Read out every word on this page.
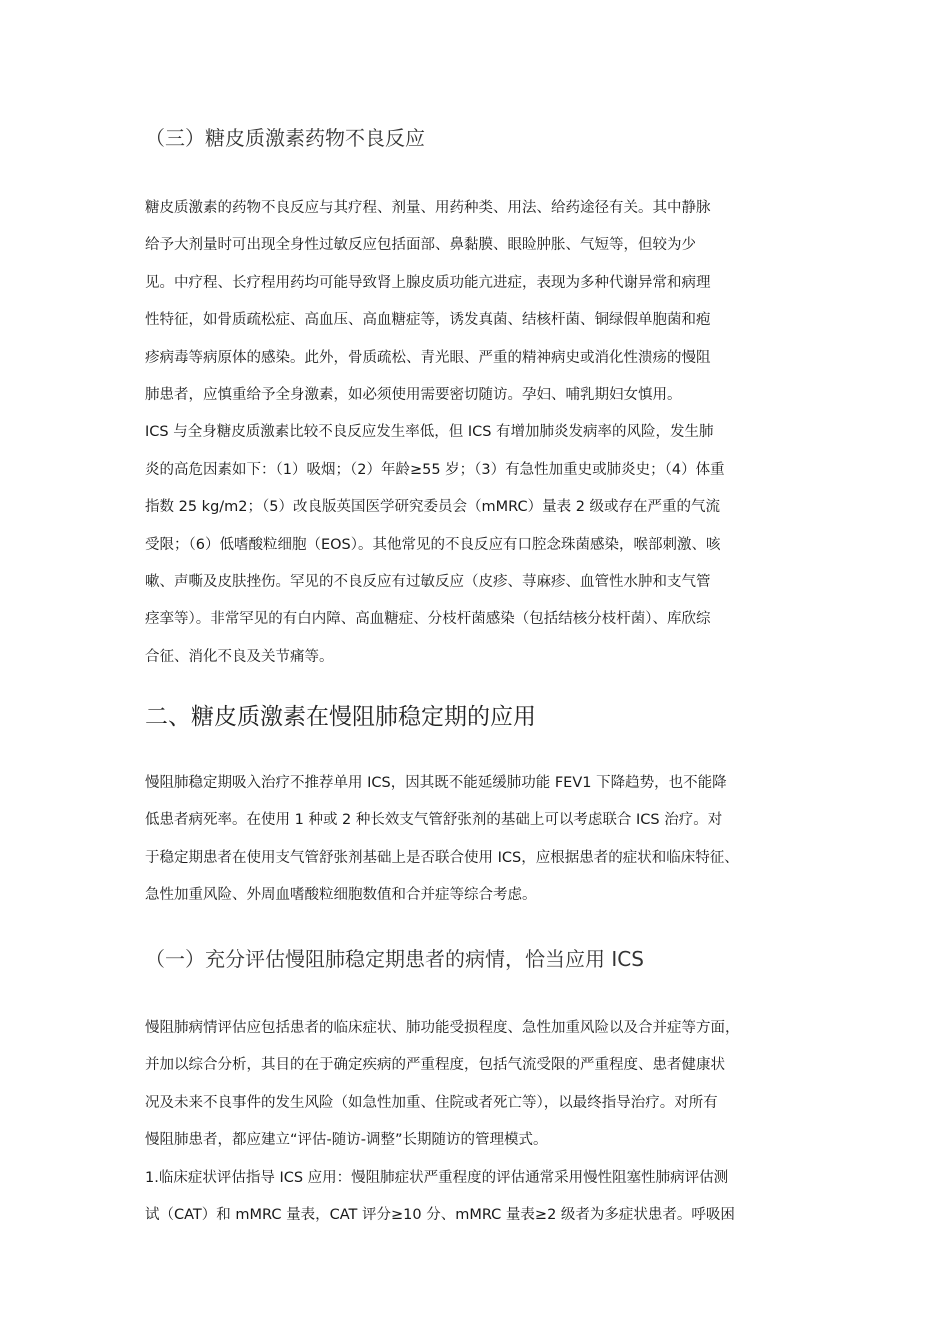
（三）糖皮质激素药物不良反应
糖皮质激素的药物不良反应与其疗程、剂量、用药种类、用法、给药途径有关。其中静脉
给予大剂量时可出现全身性过敏反应包括面部、鼻黏膜、眼睑肿胀、气短等，但较为少
见。中疗程、长疗程用药均可能导致肾上腺皮质功能亢进症，表现为多种代谢异常和病理
性特征，如骨质疏松症、高血压、高血糖症等，诱发真菌、结核杆菌、铜绿假单胞菌和疱
疹病毒等病原体的感染。此外，骨质疏松、青光眼、严重的精神病史或消化性溃疡的慢阻
肺患者，应慎重给予全身激素，如必须使用需要密切随访。孕妇、哺乳期妇女慎用。
ICS 与全身糖皮质激素比较不良反应发生率低，但 ICS 有增加肺炎发病率的风险，发生肺
炎的高危因素如下：（1）吸烟；（2）年龄≥55 岁；（3）有急性加重史或肺炎史；（4）体重
指数 25 kg/m2；（5）改良版英国医学研究委员会（mMRC）量表 2 级或存在严重的气流
受限；（6）低嗜酸粒细胞（EOS）。其他常见的不良反应有口腔念珠菌感染，喉部刺激、咳
嗽、声嘶及皮肤挫伤。罕见的不良反应有过敏反应（皮疹、荨麻疹、血管性水肿和支气管
痉挛等）。非常罕见的有白内障、高血糖症、分枝杆菌感染（包括结核分枝杆菌）、库欣综
合征、消化不良及关节痛等。
二、糖皮质激素在慢阻肺稳定期的应用
慢阻肺稳定期吸入治疗不推荐单用 ICS，因其既不能延缓肺功能 FEV1 下降趋势，也不能降
低患者病死率。在使用 1 种或 2 种长效支气管舒张剂的基础上可以考虑联合 ICS 治疗。对
于稳定期患者在使用支气管舒张剂基础上是否联合使用 ICS，应根据患者的症状和临床特征、
急性加重风险、外周血嗜酸粒细胞数值和合并症等综合考虑。
（一）充分评估慢阻肺稳定期患者的病情，恰当应用 ICS
慢阻肺病情评估应包括患者的临床症状、肺功能受损程度、急性加重风险以及合并症等方面，
并加以综合分析，其目的在于确定疾病的严重程度，包括气流受限的严重程度、患者健康状
况及未来不良事件的发生风险（如急性加重、住院或者死亡等），以最终指导治疗。对所有
慢阻肺患者，都应建立“评估-随访-调整”长期随访的管理模式。
1.临床症状评估指导 ICS 应用：慢阻肺症状严重程度的评估通常采用慢性阻塞性肺病评估测
试（CAT）和 mMRC 量表，CAT 评分≥10 分、mMRC 量表≥2 级者为多症状患者。呼吸困
